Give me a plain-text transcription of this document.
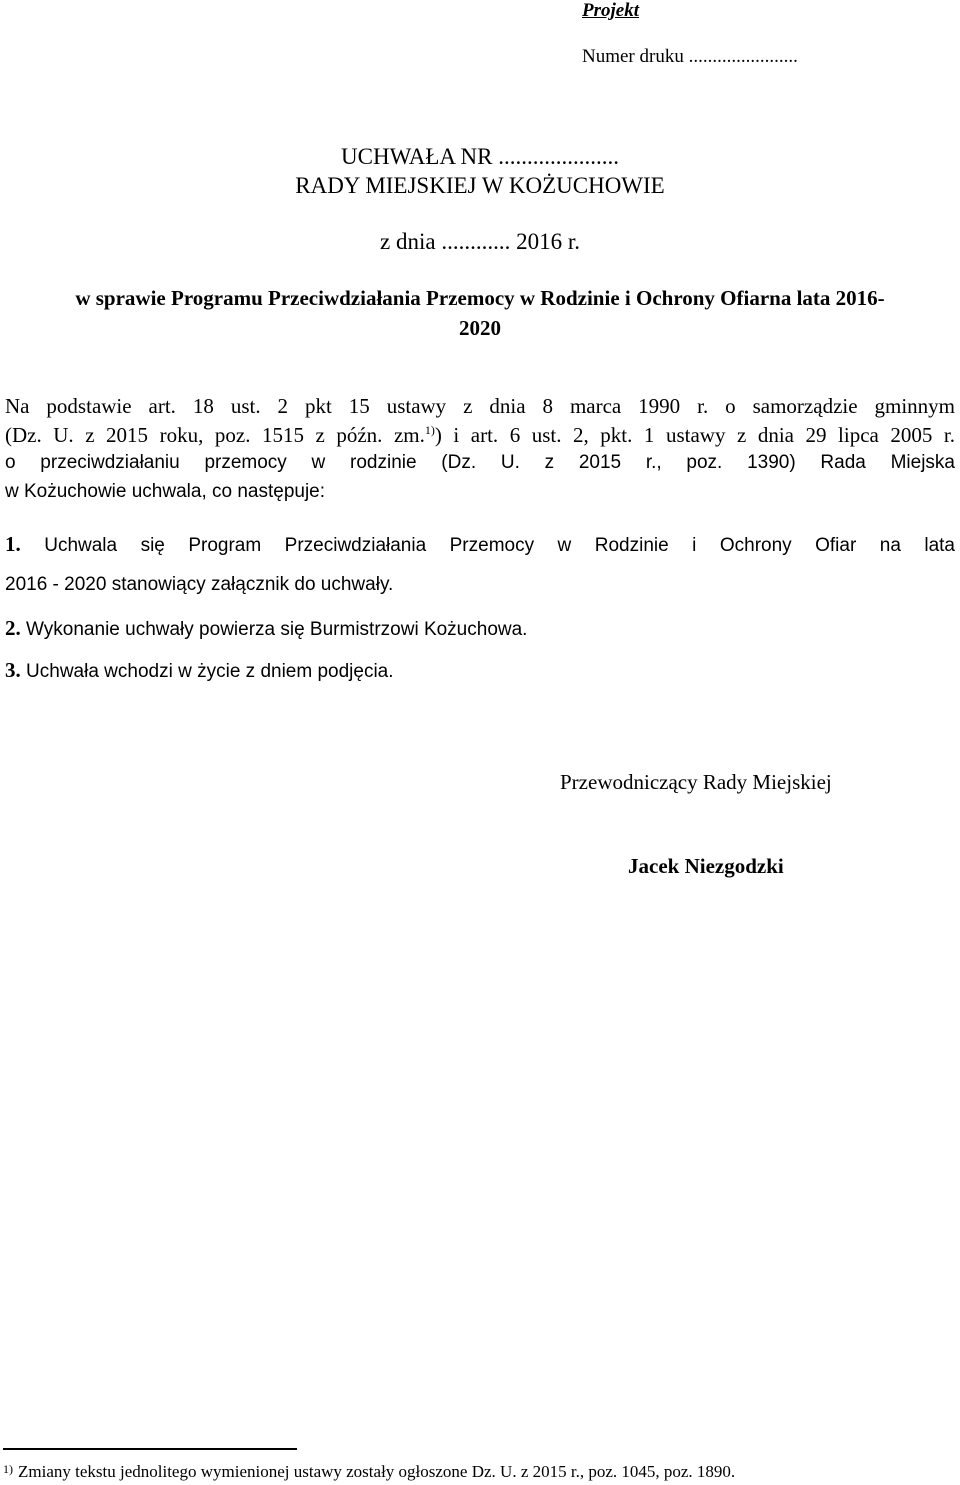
Projekt
Numer druku .......................
UCHWAŁA NR .....................
RADY MIEJSKIEJ W KOŻUCHOWIE
z dnia ............ 2016 r.
w sprawie Programu Przeciwdziałania Przemocy w Rodzinie i Ochrony Ofiarna lata 2016-
2020
Na podstawie art. 18 ust. 2 pkt 15 ustawy z dnia 8 marca 1990 r. o samorządzie gminnym
(Dz. U. z 2015 roku, poz. 1515 z późn. zm.$^{1)}$) i art. 6 ust. 2, pkt. 1 ustawy z dnia 29 lipca 2005 r.
o przeciwdziałaniu przemocy w rodzinie (Dz. U. z 2015 r., poz. 1390) Rada Miejska
w Kożuchowie uchwala, co następuje:
1. Uchwala się Program Przeciwdziałania Przemocy w Rodzinie i Ochrony Ofiar na lata
2016 - 2020 stanowiący załącznik do uchwały.
2. Wykonanie uchwały powierza się Burmistrzowi Kożuchowa.
3. Uchwała wchodzi w życie z dniem podjęcia.
Przewodniczący Rady Miejskiej
Jacek Niezgodzki
1) Zmiany tekstu jednolitego wymienionej ustawy zostały ogłoszone Dz. U. z 2015 r., poz. 1045, poz. 1890.
